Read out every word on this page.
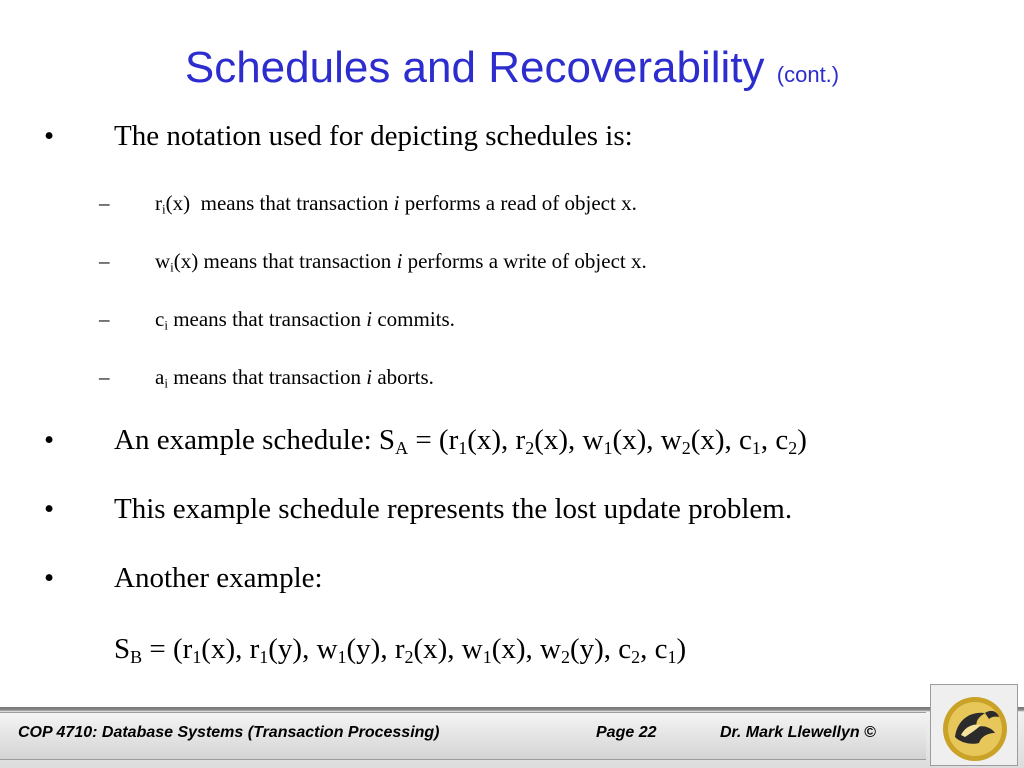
Schedules and Recoverability (cont.)
• The notation used for depicting schedules is:
– $r_i(x)$ means that transaction i performs a read of object x.
– $w_i(x)$ means that transaction i performs a write of object x.
– $c_i$ means that transaction i commits.
– $a_i$ means that transaction i aborts.
• An example schedule: $S_A = (r_1(x)$, $r_2(x)$, $w_1(x)$, $w_2(x)$, $c_1$, $c_2$)
• This example schedule represents the lost update problem.
• Another example:
$S_B = (r_1(x)$, $r_1(y)$, $w_1(y)$, $r_2(x)$, $w_1(x)$, $w_2(y)$, $c_2$, $c_1$)
COP 4710: Database Systems (Transaction Processing)	Page 22	Dr. Mark Llewellyn ©
